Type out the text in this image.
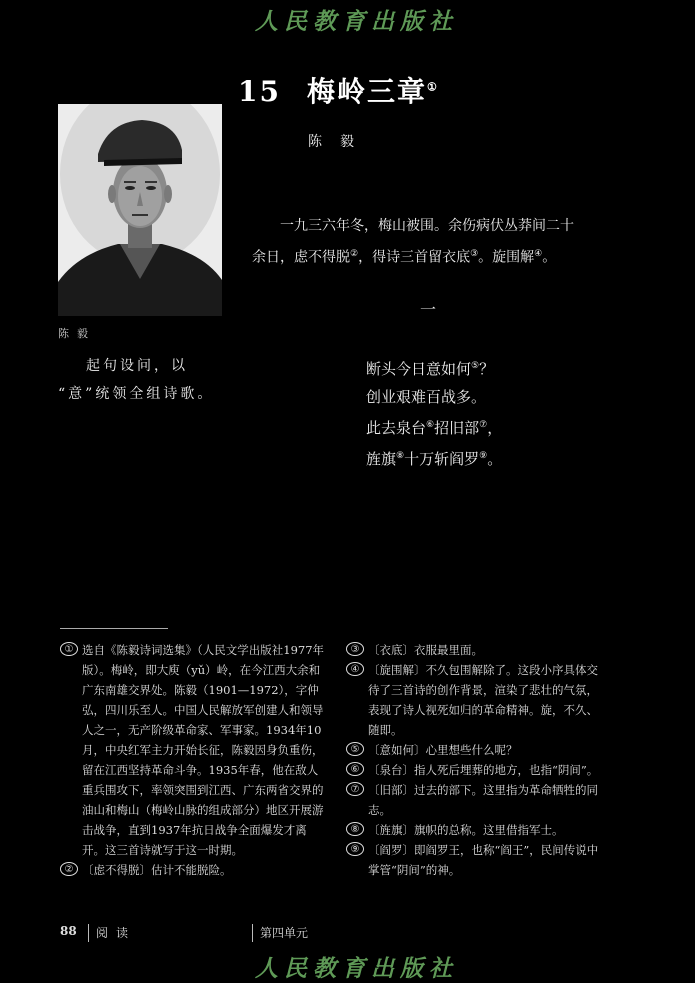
人民教育出版社
15 梅岭三章①
陈毅
陈毅

一九三六年冬，梅山被围。余伤病伏丛莽间二十

余日，虑不得脱②，得诗三首留衣底③。旋围解④。
一
起句设问，以
“意”统领全组诗歌。
断头今日意如何⑤？
创业艰难百战多。
此去泉台⑥招旧部⑦，
旌旗⑧十万斩阎罗⑨。
① 选自《陈毅诗词选集》（人民文学出版社1977年版）。梅岭，即大庾（yǔ）岭，在今江西大余和广东南雄交界处。陈毅（1901—1972），字仲弘，四川乐至人。中国人民解放军创建人和领导人之一，无产阶级革命家、军事家。1934年10月，中央红军主力开始长征，陈毅因身负重伤，留在江西坚持革命斗争。1935年春，他在敌人重兵围攻下，率领突围到江西、广东两省交界的油山和梅山（梅岭山脉的组成部分）地区开展游击战争，直到1937年抗日战争全面爆发才离开。这三首诗就写于这一时期。
② 〔虑不得脱〕估计不能脱险。
③ 〔衣底〕衣服最里面。
④ 〔旋围解〕不久包围解除了。这段小序具体交待了三首诗的创作背景，渲染了悲壮的气氛，表现了诗人视死如归的革命精神。旋，不久、随即。
⑤ 〔意如何〕心里想些什么呢？
⑥ 〔泉台〕指人死后埋葬的地方，也指“阴间”。
⑦ 〔旧部〕过去的部下。这里指为革命牺牲的同志。
⑧ 〔旌旗〕旗帜的总称。这里借指军士。
⑨ 〔阎罗〕即阎罗王，也称“阎王”，民间传说中掌管“阴间”的神。
88 阅读	第四单元
人民教育出版社
